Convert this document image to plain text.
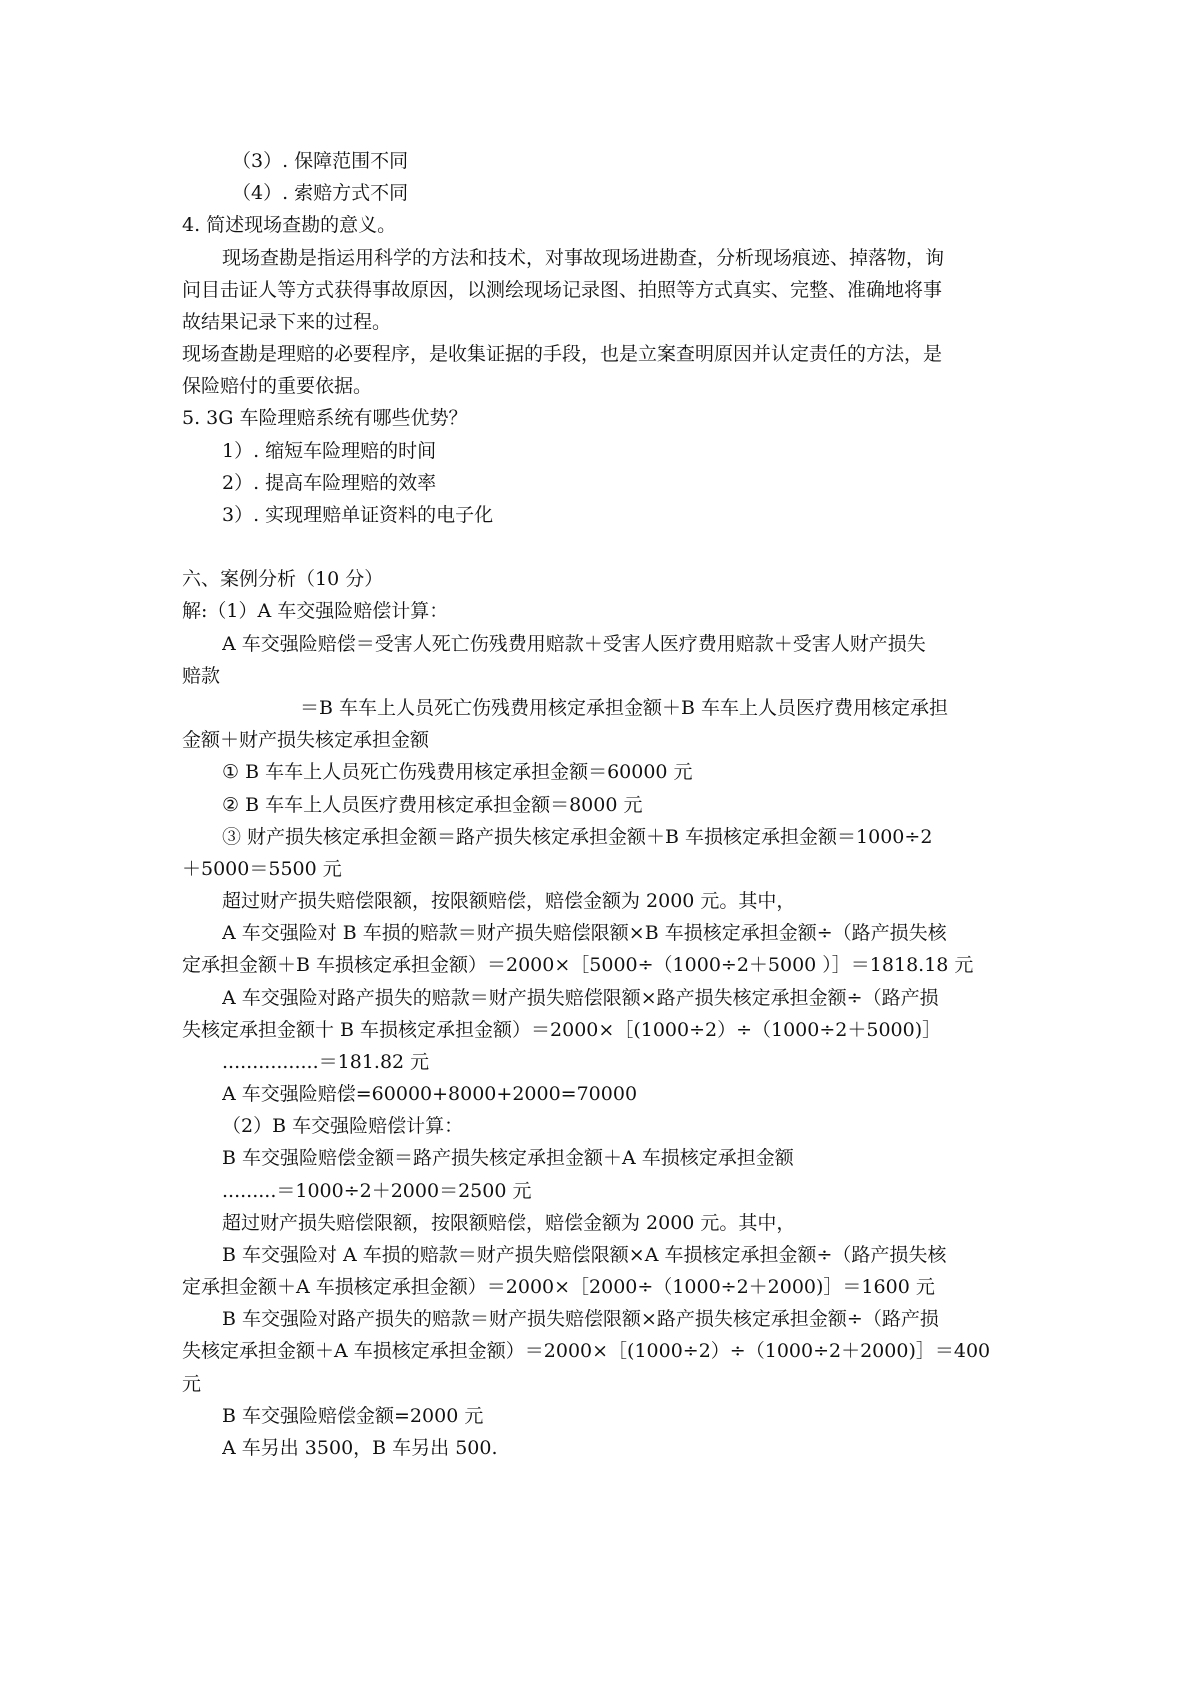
（3）. 保障范围不同
（4）. 索赔方式不同
4. 简述现场查勘的意义。
现场查勘是指运用科学的方法和技术，对事故现场进勘查，分析现场痕迹、掉落物，询
问目击证人等方式获得事故原因，以测绘现场记录图、拍照等方式真实、完整、准确地将事
故结果记录下来的过程。
现场查勘是理赔的必要程序，是收集证据的手段，也是立案查明原因并认定责任的方法，是
保险赔付的重要依据。
5. 3G 车险理赔系统有哪些优势？
1）. 缩短车险理赔的时间
2）. 提高车险理赔的效率
3）. 实现理赔单证资料的电子化
六、案例分析（10 分）
解:（1）A 车交强险赔偿计算：
A 车交强险赔偿＝受害人死亡伤残费用赔款＋受害人医疗费用赔款＋受害人财产损失
赔款
＝B 车车上人员死亡伤残费用核定承担金额＋B 车车上人员医疗费用核定承担
金额＋财产损失核定承担金额
① B 车车上人员死亡伤残费用核定承担金额＝60000 元
② B 车车上人员医疗费用核定承担金额＝8000 元
③ 财产损失核定承担金额＝路产损失核定承担金额＋B 车损核定承担金额＝1000÷2
＋5000＝5500 元
超过财产损失赔偿限额，按限额赔偿，赔偿金额为 2000 元。其中，
A 车交强险对 B 车损的赔款＝财产损失赔偿限额×B 车损核定承担金额÷（路产损失核
定承担金额＋B 车损核定承担金额）＝2000×［5000÷（1000÷2＋5000 ）］＝1818.18 元
A 车交强险对路产损失的赔款＝财产损失赔偿限额×路产损失核定承担金额÷（路产损
失核定承担金额十 B 车损核定承担金额）＝2000×［(1000÷2）÷（1000÷2＋5000)］
................＝181.82 元
A 车交强险赔偿=60000+8000+2000=70000
（2）B 车交强险赔偿计算：
B 车交强险赔偿金额＝路产损失核定承担金额＋A 车损核定承担金额
.........＝1000÷2＋2000＝2500 元
超过财产损失赔偿限额，按限额赔偿，赔偿金额为 2000 元。其中，
B 车交强险对 A 车损的赔款＝财产损失赔偿限额×A 车损核定承担金额÷（路产损失核
定承担金额＋A 车损核定承担金额）＝2000×［2000÷（1000÷2＋2000)］＝1600 元
B 车交强险对路产损失的赔款＝财产损失赔偿限额×路产损失核定承担金额÷（路产损
失核定承担金额＋A 车损核定承担金额）＝2000×［(1000÷2）÷（1000÷2＋2000)］＝400
元
B 车交强险赔偿金额=2000 元
A 车另出 3500，B 车另出 500.
